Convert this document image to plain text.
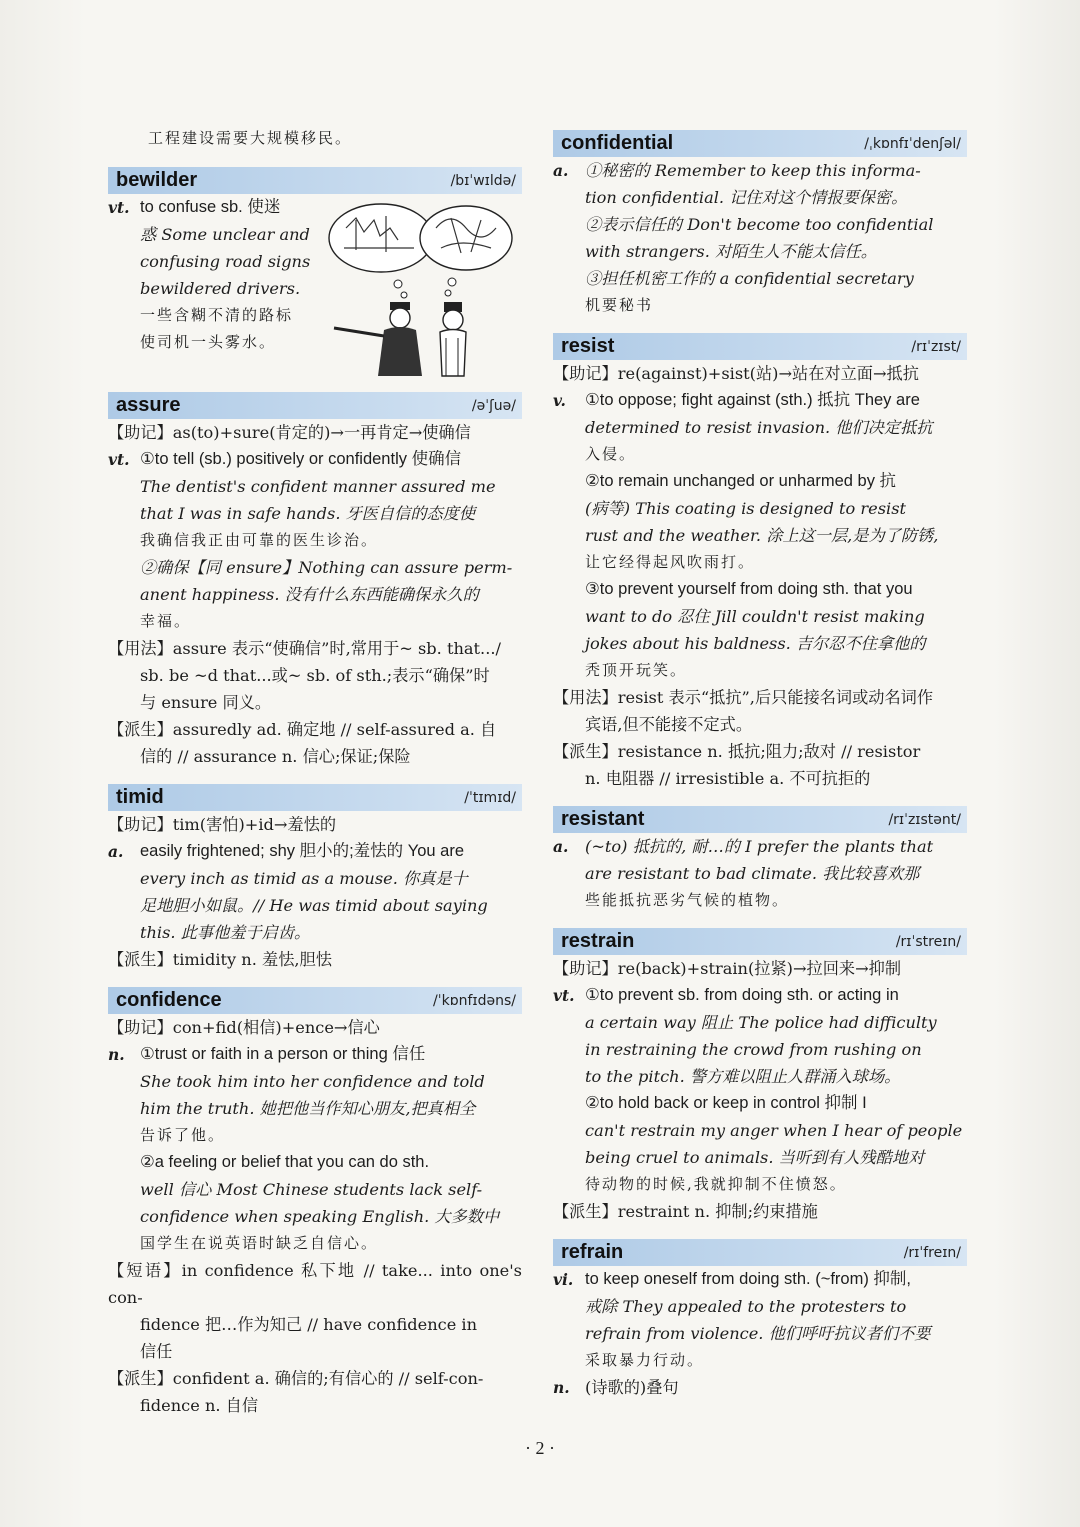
工程建设需要大规模移民。
bewilder	/bɪˈwɪldə/
vt. to confuse sb. 使迷
惑 Some unclear and
confusing road signs
bewildered drivers.
一些含糊不清的路标
使司机一头雾水。
assure	/əˈʃuə/
【助记】as(to)+sure(肯定的)→一再肯定→使确信
vt. ①to tell (sb.) positively or confidently 使确信
The dentist's confident manner assured me
that I was in safe hands. 牙医自信的态度使
我确信我正由可靠的医生诊治。
②确保【同 ensure】Nothing can assure perm-
anent happiness. 没有什么东西能确保永久的
幸福。
【用法】assure 表示“使确信”时,常用于~ sb. that.../
sb. be ~d that...或~ sb. of sth.;表示“确保”时
与 ensure 同义。
【派生】assuredly ad. 确定地 // self-assured a. 自
信的 // assurance n. 信心;保证;保险
timid	/ˈtɪmɪd/
【助记】tim(害怕)+id→羞怯的
a.	easily frightened; shy 胆小的;羞怯的 You are
every inch as timid as a mouse. 你真是十
足地胆小如鼠。// He was timid about saying
this. 此事他羞于启齿。
【派生】timidity n. 羞怯,胆怯
confidence	/ˈkɒnfɪdəns/
【助记】con+fid(相信)+ence→信心
n. ①trust or faith in a person or thing 信任
She took him into her confidence and told
him the truth. 她把他当作知心朋友,把真相全
告诉了他。
②a feeling or belief that you can do sth.
well 信心 Most Chinese students lack self-
confidence when speaking English. 大多数中
国学生在说英语时缺乏自信心。
【短语】in confidence 私下地 // take... into one's con-
fidence 把…作为知己 // have confidence in
信任
【派生】confident a. 确信的;有信心的 // self-con-
fidence n. 自信
confidential	/ˌkɒnfɪˈdenʃəl/
a.	①秘密的 Remember to keep this informa-
tion confidential. 记住对这个情报要保密。
②表示信任的 Don't become too confidential
with strangers. 对陌生人不能太信任。
③担任机密工作的 a confidential secretary
机要秘书
resist	/rɪˈzɪst/
【助记】re(against)+sist(站)→站在对立面→抵抗
v.	①to oppose; fight against (sth.) 抵抗 They are
determined to resist invasion. 他们决定抵抗
入侵。
②to remain unchanged or unharmed by 抗
(病等) This coating is designed to resist
rust and the weather. 涂上这一层,是为了防锈,
让它经得起风吹雨打。
③to prevent yourself from doing sth. that you
want to do 忍住 Jill couldn't resist making
jokes about his baldness. 吉尔忍不住拿他的
秃顶开玩笑。
【用法】resist 表示“抵抗”,后只能接名词或动名词作
宾语,但不能接不定式。
【派生】resistance n. 抵抗;阻力;敌对 // resistor
n. 电阻器 // irresistible a. 不可抗拒的
resistant	/rɪˈzɪstənt/
a.	(~to) 抵抗的, 耐…的 I prefer the plants that
are resistant to bad climate. 我比较喜欢那
些能抵抗恶劣气候的植物。
restrain	/rɪˈstreɪn/
【助记】re(back)+strain(拉紧)→拉回来→抑制
vt. ①to prevent sb. from doing sth. or acting in
a certain way 阻止 The police had difficulty
in restraining the crowd from rushing on
to the pitch. 警方难以阻止人群涌入球场。
②to hold back or keep in control 抑制 I
can't restrain my anger when I hear of people
being cruel to animals. 当听到有人残酷地对
待动物的时候,我就抑制不住愤怒。
【派生】restraint n. 抑制;约束措施
refrain	/rɪˈfreɪn/
vi. to keep oneself from doing sth. (~from) 抑制,
戒除 They appealed to the protesters to
refrain from violence. 他们呼吁抗议者们不要
采取暴力行动。
n. (诗歌的)叠句
· 2 ·
